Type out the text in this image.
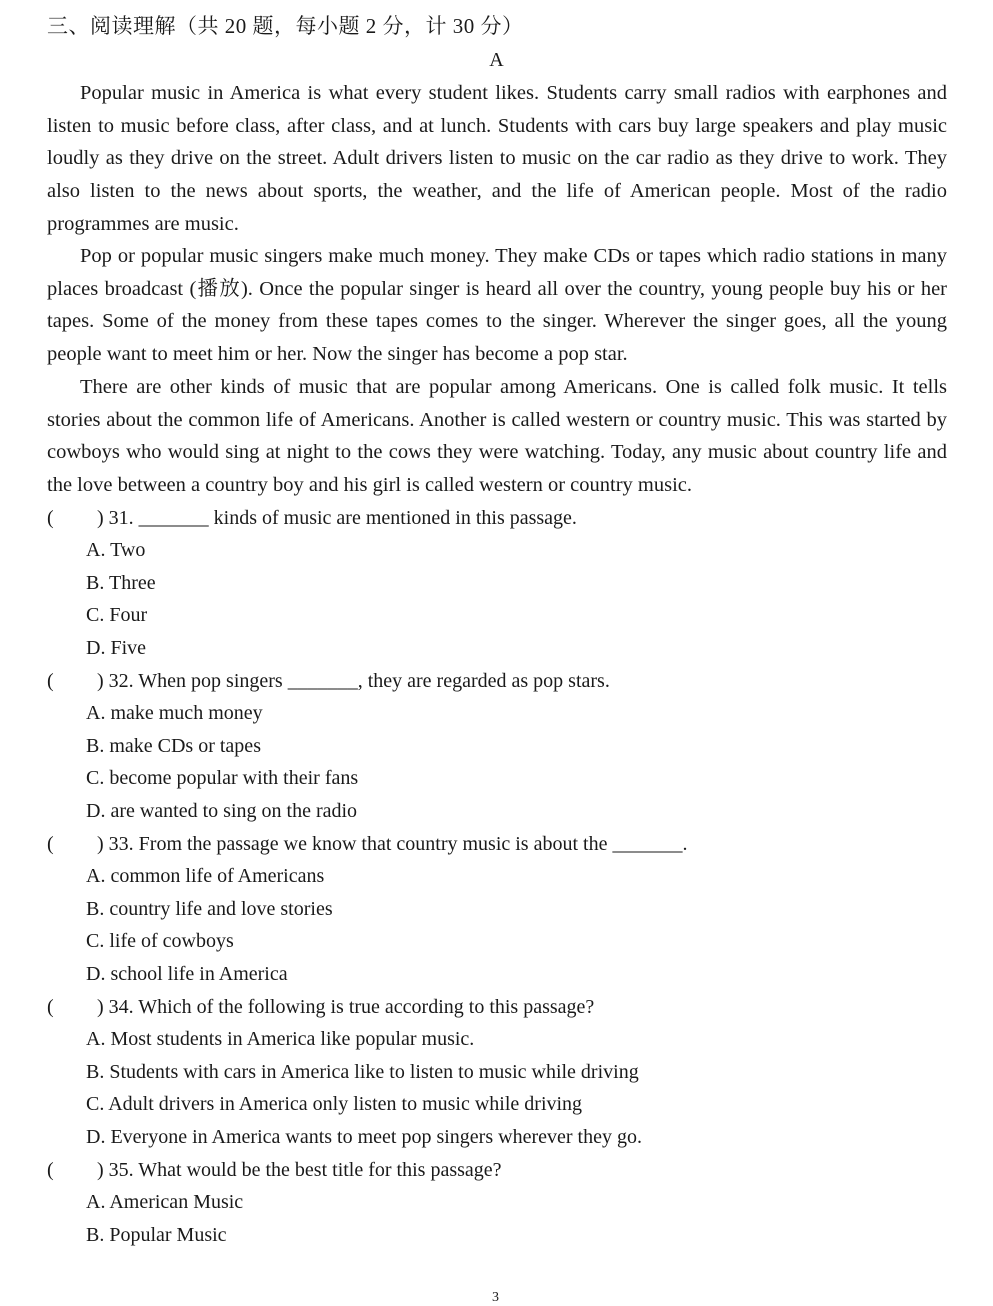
三、阅读理解（共 20 题，每小题 2 分，计 30 分）
A

Popular music in America is what every student likes. Students carry small radios with earphones and listen to music before class, after class, and at lunch. Students with cars buy large speakers and play music loudly as they drive on the street. Adult drivers listen to music on the car radio as they drive to work. They also listen to the news about sports, the weather, and the life of American people. Most of the radio programmes are music.

Pop or popular music singers make much money. They make CDs or tapes which radio stations in many places broadcast (播放). Once the popular singer is heard all over the country, young people buy his or her tapes. Some of the money from these tapes comes to the singer. Wherever the singer goes, all the young people want to meet him or her. Now the singer has become a pop star.

There are other kinds of music that are popular among Americans. One is called folk music. It tells stories about the common life of Americans. Another is called western or country music. This was started by cowboys who would sing at night to the cows they were watching. Today, any music about country life and the love between a country boy and his girl is called western or country music.

( ) 31. _______ kinds of music are mentioned in this passage.
A. Two
B. Three
C. Four
D. Five
( ) 32. When pop singers _______, they are regarded as pop stars.
A. make much money
B. make CDs or tapes
C. become popular with their fans
D. are wanted to sing on the radio
( ) 33. From the passage we know that country music is about the _______.
A. common life of Americans
B. country life and love stories
C. life of cowboys
D. school life in America
( ) 34. Which of the following is true according to this passage?
A. Most students in America like popular music.
B. Students with cars in America like to listen to music while driving
C. Adult drivers in America only listen to music while driving
D. Everyone in America wants to meet pop singers wherever they go.
( ) 35. What would be the best title for this passage?
A. American Music
B. Popular Music
3
